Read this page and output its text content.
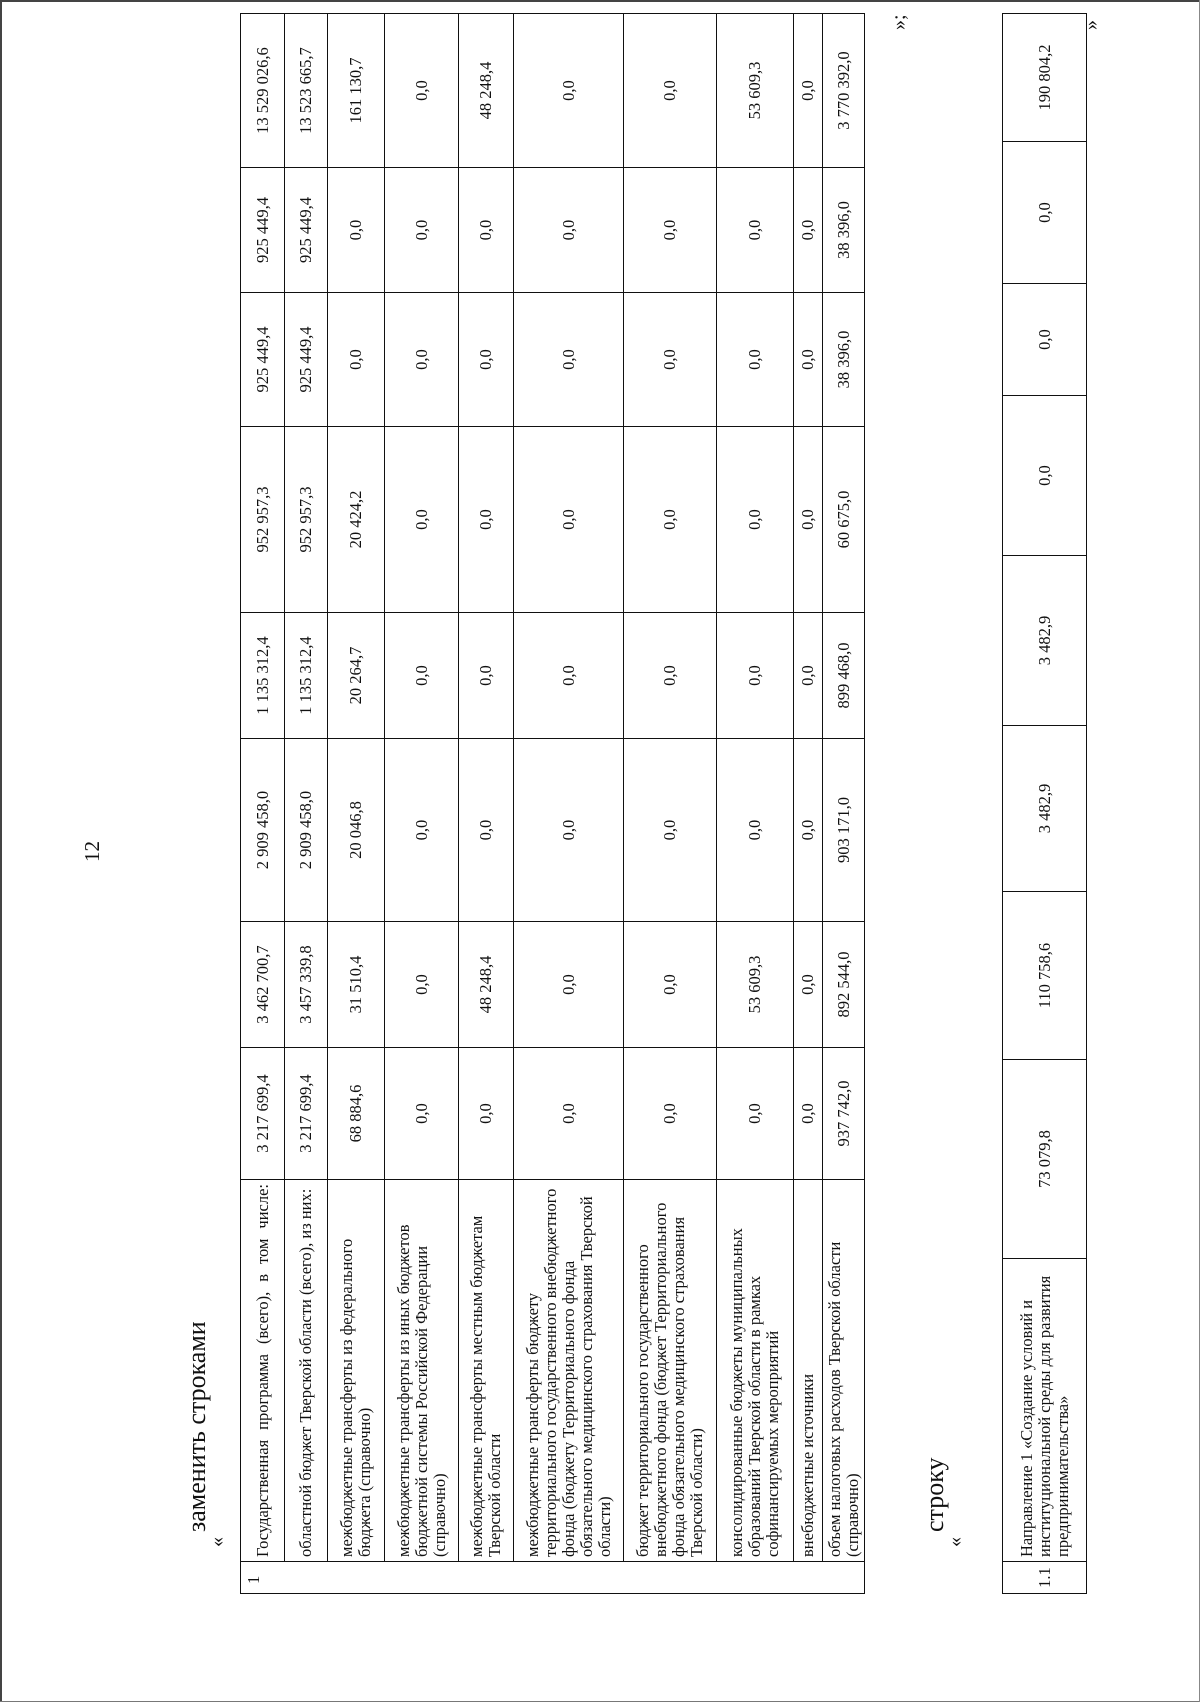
12
заменить строками
«
	Государственная программа (всего), в том числе:	3 217 699,4	3 462 700,7	2 909 458,0	1 135 312,4	952 957,3	925 449,4	925 449,4	13 529 026,6
	областной бюджет Тверской области (всего), из них:	3 217 699,4	3 457 339,8	2 909 458,0	1 135 312,4	952 957,3	925 449,4	925 449,4	13 523 665,7
	межбюджетные трансферты из федерального бюджета (справочно)	68 884,6	31 510,4	20 046,8	20 264,7	20 424,2	0,0	0,0	161 130,7
	межбюджетные трансферты из иных бюджетов бюджетной системы Российской Федерации (справочно)	0,0	0,0	0,0	0,0	0,0	0,0	0,0	0,0
	межбюджетные трансферты местным бюджетам Тверской области	0,0	48 248,4	0,0	0,0	0,0	0,0	0,0	48 248,4
	межбюджетные трансферты бюджету территориального государственного внебюджетного фонда (бюджету Территориального фонда обязательного медицинского страхования Тверской области)	0,0	0,0	0,0	0,0	0,0	0,0	0,0	0,0
	бюджет территориального государственного внебюджетного фонда (бюджет Территориального фонда обязательного медицинского страхования Тверской области)	0,0	0,0	0,0	0,0	0,0	0,0	0,0	0,0
	консолидированные бюджеты муниципальных образований Тверской области в рамках софинансируемых мероприятий	0,0	53 609,3	0,0	0,0	0,0	0,0	0,0	53 609,3
	внебюджетные источники	0,0	0,0	0,0	0,0	0,0	0,0	0,0	0,0
	объем налоговых расходов Тверской области (справочно)	937 742,0	892 544,0	903 171,0	899 468,0	60 675,0	38 396,0	38 396,0	3 770 392,0
1
»;
строку
«
1.1	Направление 1 «Создание условий и институциональной среды для развития предпринимательства»	73 079,8	110 758,6	3 482,9	3 482,9	0,0	0,0	0,0	190 804,2
»
